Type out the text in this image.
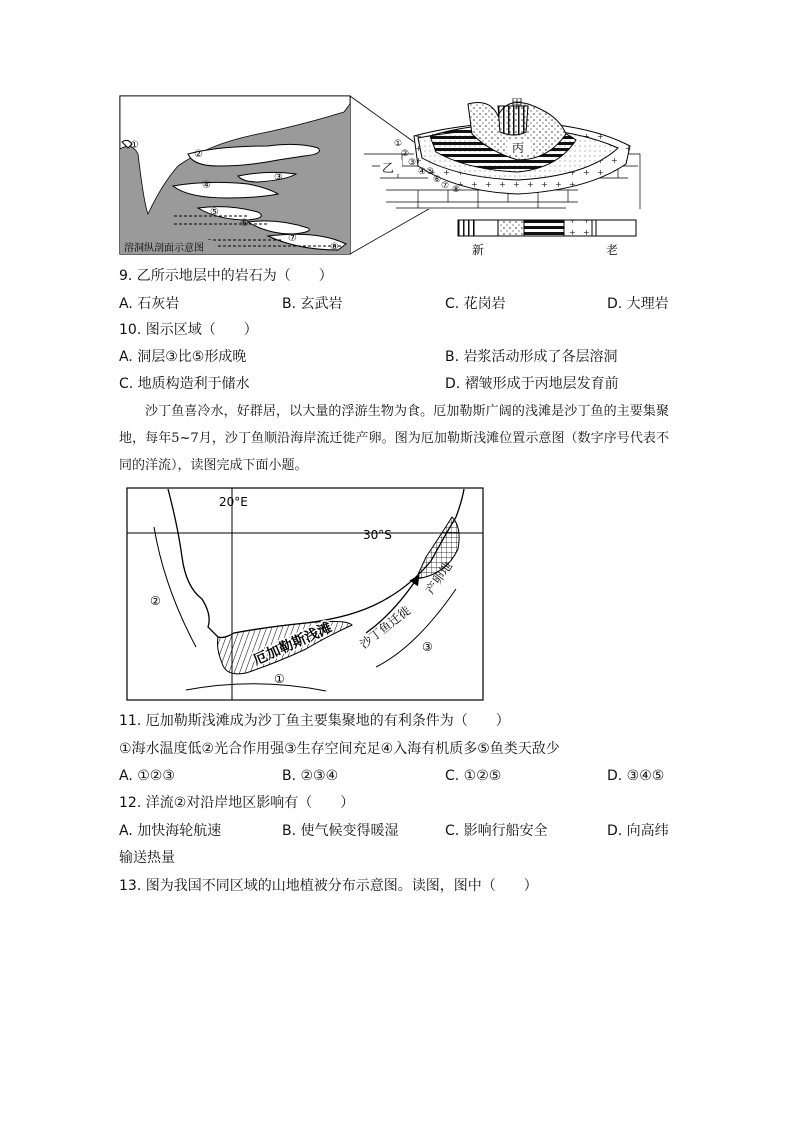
①
②
③
④
⑤
⑥
⑦
⑧
溶洞纵剖面示意图
甲
丙
乙
①
②
③
④ ⑤
⑥
⑦ ⑧
新	老
9. 乙所示地层中的岩石为（　　）
A. 石灰岩	B. 玄武岩	C. 花岗岩	D. 大理岩
10. 图示区域（　　）
A. 洞层③比⑤形成晚	B. 岩浆活动形成了各层溶洞
C. 地质构造利于储水	D. 褶皱形成于丙地层发育前
沙丁鱼喜冷水，好群居，以大量的浮游生物为食。厄加勒斯广阔的浅滩是沙丁鱼的主要集聚地，每年5~7月，沙丁鱼顺沿海岸流迁徙产卵。图为厄加勒斯浅滩位置示意图（数字序号代表不同的洋流），读图完成下面小题。
20°E
30°S
厄加勒斯浅滩 沙丁鱼迁徙
产卵地
②
③
①
11. 厄加勒斯浅滩成为沙丁鱼主要集聚地的有利条件为（　　）
①海水温度低②光合作用强③生存空间充足④入海有机质多⑤鱼类天敌少
A. ①②③	B. ②③④	C. ①②⑤	D. ③④⑤
12. 洋流②对沿岸地区影响有（　　）
A. 加快海轮航速	B. 使气候变得暖湿	C. 影响行船安全	D. 向高纬
输送热量
13. 图为我国不同区域的山地植被分布示意图。读图，图中（　　）
